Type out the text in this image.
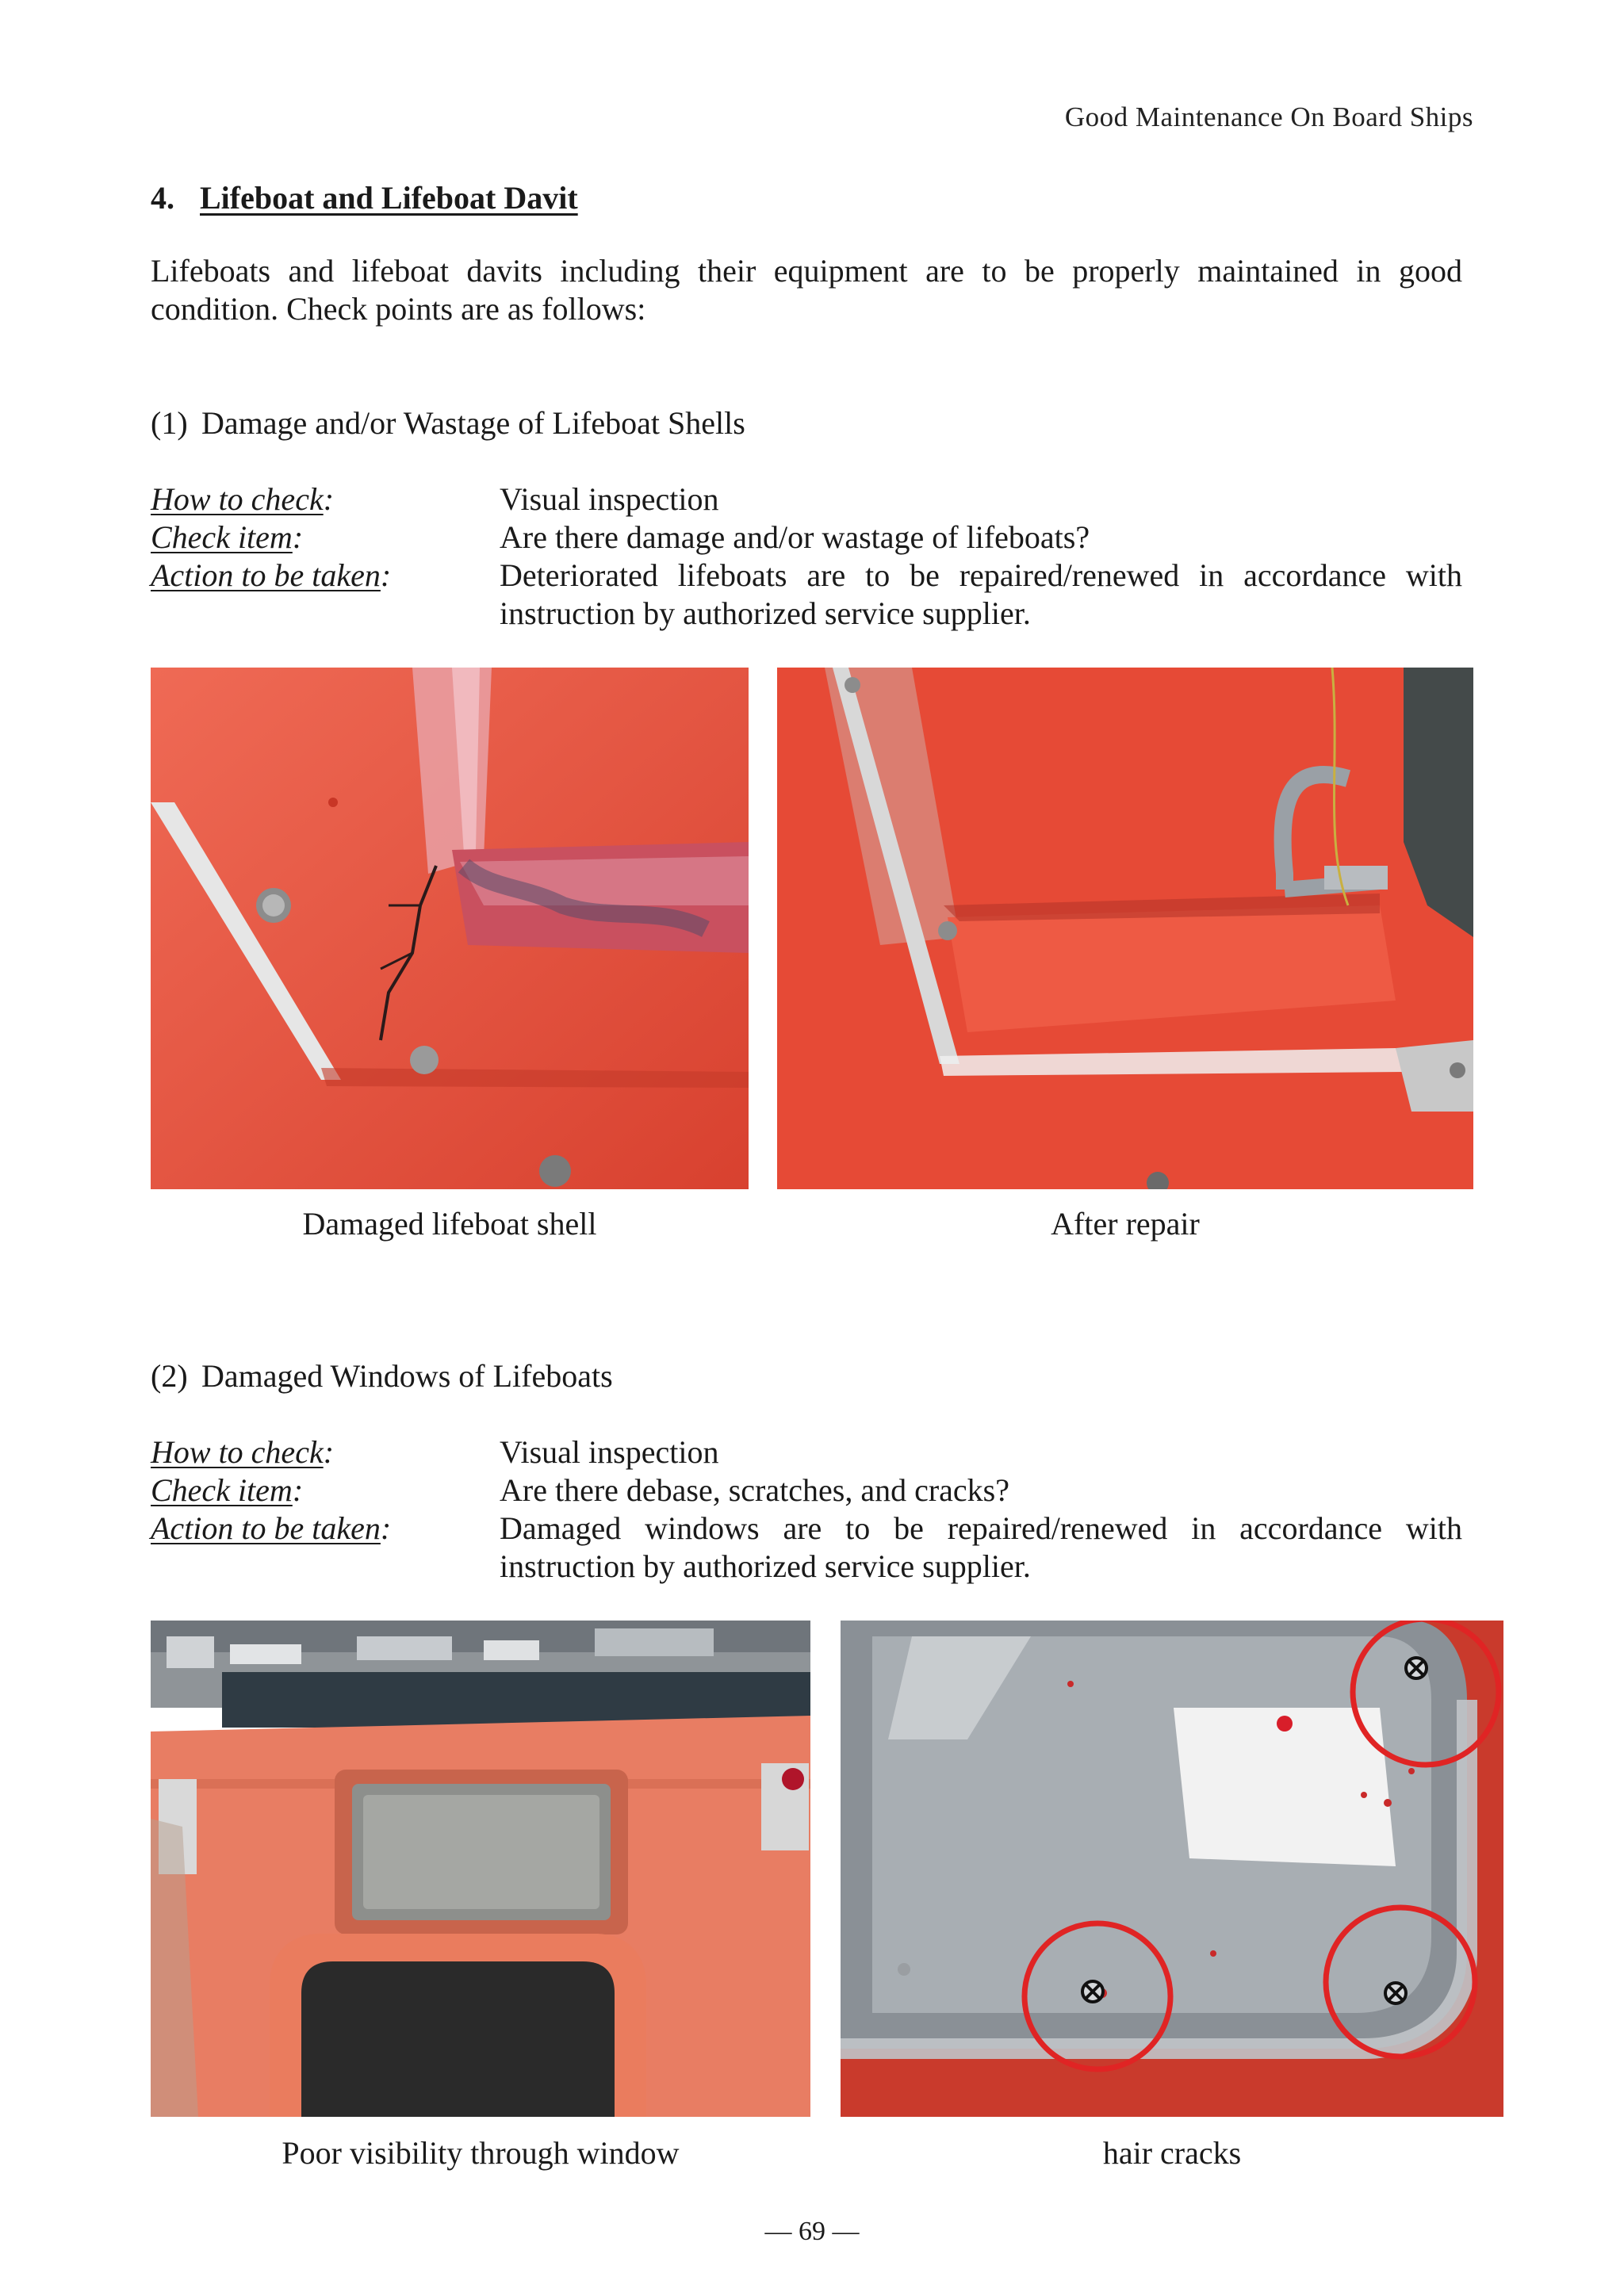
Good Maintenance On Board Ships
4. Lifeboat and Lifeboat Davit
Lifeboats and lifeboat davits including their equipment are to be properly maintained in good condition. Check points are as follows:
(1) Damage and/or Wastage of Lifeboat Shells
How to check:	Visual inspection
Check item:	Are there damage and/or wastage of lifeboats?
Action to be taken:	Deteriorated lifeboats are to be repaired/renewed in accordance with instruction by authorized service supplier.
Damaged lifeboat shell	After repair
(2) Damaged Windows of Lifeboats
How to check:	Visual inspection
Check item:	Are there debase, scratches, and cracks?
Action to be taken:	Damaged windows are to be repaired/renewed in accordance with instruction by authorized service supplier.
Poor visibility through window	hair cracks
— 69 —
